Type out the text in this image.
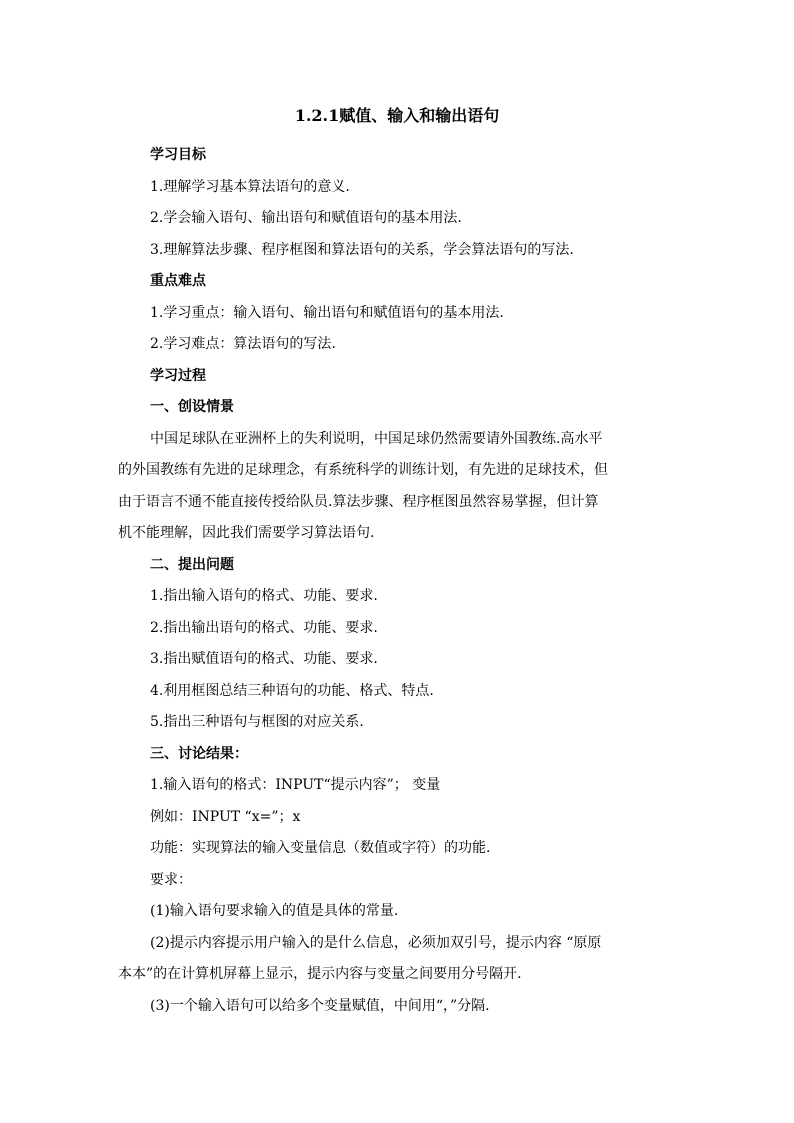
1.2.1赋值、输入和输出语句

学习目标

1.理解学习基本算法语句的意义.

2.学会输入语句、输出语句和赋值语句的基本用法.

3.理解算法步骤、程序框图和算法语句的关系，学会算法语句的写法.

重点难点

1.学习重点：输入语句、输出语句和赋值语句的基本用法.

2.学习难点：算法语句的写法.

学习过程

一、创设情景

中国足球队在亚洲杯上的失利说明，中国足球仍然需要请外国教练.高水平
的外国教练有先进的足球理念，有系统科学的训练计划，有先进的足球技术，但
由于语言不通不能直接传授给队员.算法步骤、程序框图虽然容易掌握，但计算
机不能理解，因此我们需要学习算法语句.

二、提出问题

1.指出输入语句的格式、功能、要求.

2.指出输出语句的格式、功能、要求.

3.指出赋值语句的格式、功能、要求.

4.利用框图总结三种语句的功能、格式、特点.

5.指出三种语句与框图的对应关系.

三、讨论结果：

1.输入语句的格式：INPUT“提示内容”； 变量

例如：INPUT “x=”；x

功能：实现算法的输入变量信息（数值或字符）的功能.

要求：

(1)输入语句要求输入的值是具体的常量.

(2)提示内容提示用户输入的是什么信息，必须加双引号，提示内容 “原原
本本”的在计算机屏幕上显示，提示内容与变量之间要用分号隔开.

(3)一个输入语句可以给多个变量赋值，中间用“，”分隔.
